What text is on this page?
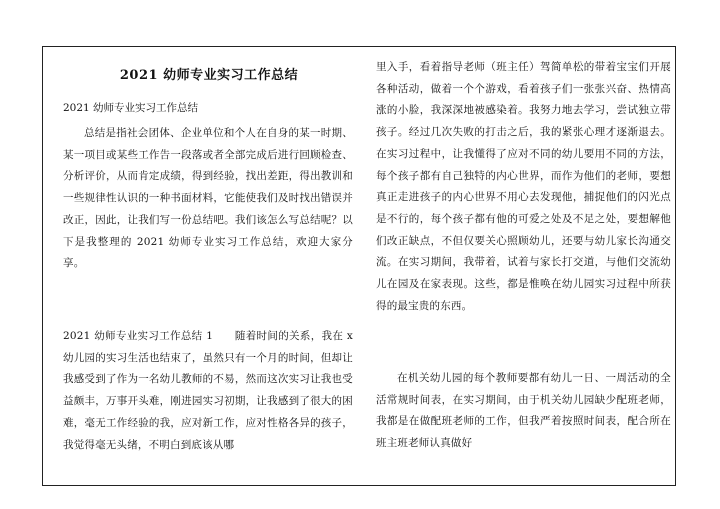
2021 幼师专业实习工作总结
2021 幼师专业实习工作总结
总结是指社会团体、企业单位和个人在自身的某一时期、某一项目或某些工作告一段落或者全部完成后进行回顾检查、分析评价，从而肯定成绩，得到经验，找出差距，得出教训和一些规律性认识的一种书面材料，它能使我们及时找出错误并改正，因此，让我们写一份总结吧。我们该怎么写总结呢？以下是我整理的 2021 幼师专业实习工作总结，欢迎大家分享。
2021 幼师专业实习工作总结 1　　随着时间的关系，我在 x 幼儿园的实习生活也结束了，虽然只有一个月的时间，但却让我感受到了作为一名幼儿教师的不易，然而这次实习让我也受益颇丰，万事开头难，刚进园实习初期，让我感到了很大的困难，毫无工作经验的我，应对新工作，应对性格各异的孩子，我觉得毫无头绪，不明白到底该从哪
里入手，看着指导老师（班主任）驾简单松的带着宝宝们开展各种活动，做着一个个游戏，看着孩子们一张张兴奋、热情高涨的小脸，我深深地被感染着。我努力地去学习，尝试独立带孩子。经过几次失败的打击之后，我的紧张心理才逐渐退去。在实习过程中，让我懂得了应对不同的幼儿要用不同的方法，每个孩子都有自己独特的内心世界，而作为他们的老师，要想真正走进孩子的内心世界不用心去发现他，捕捉他们的闪光点是不行的，每个孩子都有他的可爱之处及不足之处，要想解他们改正缺点，不但仅要关心照顾幼儿，还要与幼儿家长沟通交流。在实习期间，我带着，试着与家长打交道，与他们交流幼儿在园及在家表现。这些，都是惟唤在幼儿园实习过程中所获得的最宝贵的东西。
在机关幼儿园的每个教师要都有幼儿一日、一周活动的全活常规时间表，在实习期间，由于机关幼儿园缺少配班老师，我都是在做配班老师的工作，但我严着按照时间表，配合所在班主班老师认真做好
